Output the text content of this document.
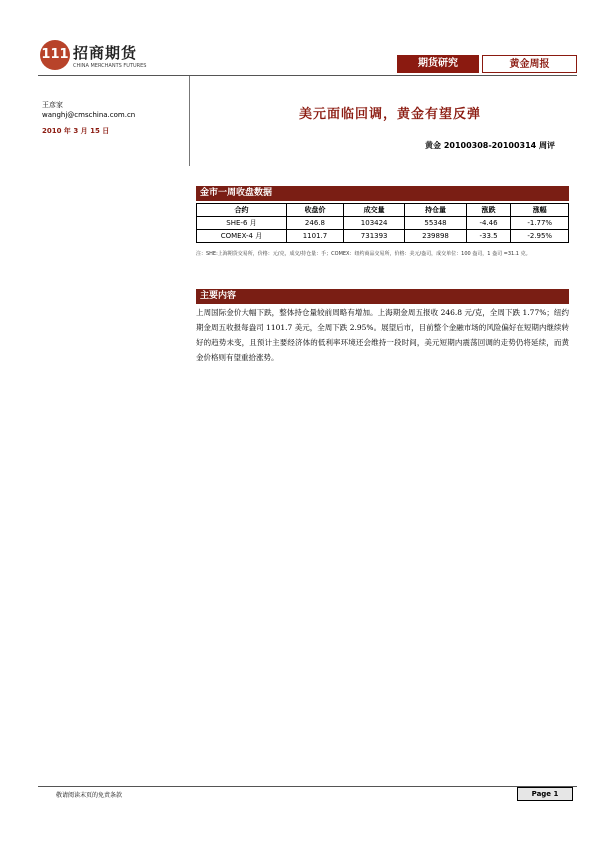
111 招商期货
CHINA MERCHANTS FUTURES	期货研究	黄金周报
王彦家
wanghj@cmschina.com.cn
2010 年 3 月 15 日
美元面临回调，黄金有望反弹
黄金 20100308-20100314 周评
金市一周收盘数据
合约	收盘价	成交量	持仓量	涨跌	涨幅
SHE-6 月	246.8	103424	55348	-4.46	-1.77%
COMEX-4 月	1101.7	731393	239898	-33.5	-2.95%
注：SHE:上海期货交易所，价格：元/克，成交/持仓量：手；COMEX：纽约商品交易所，价格：美元/盎司，成交单位：100 盎司，1 盎司 =31.1 克。
主要内容
上周国际金价大幅下跌，整体持仓量较前周略有增加。上海期金周五报收 246.8 元/克，全周下跌 1.77%；纽约期金周五收报每盎司 1101.7 美元，全周下跌 2.95%。展望后市，目前整个金融市场的风险偏好在短期内继续转好的趋势未变，且预计主要经济体的低利率环境还会维持一段时间，美元短期内震荡回调的走势仍将延续，而黄金价格则有望重拾涨势。
敬请阅读末页的免责条款	Page 1
